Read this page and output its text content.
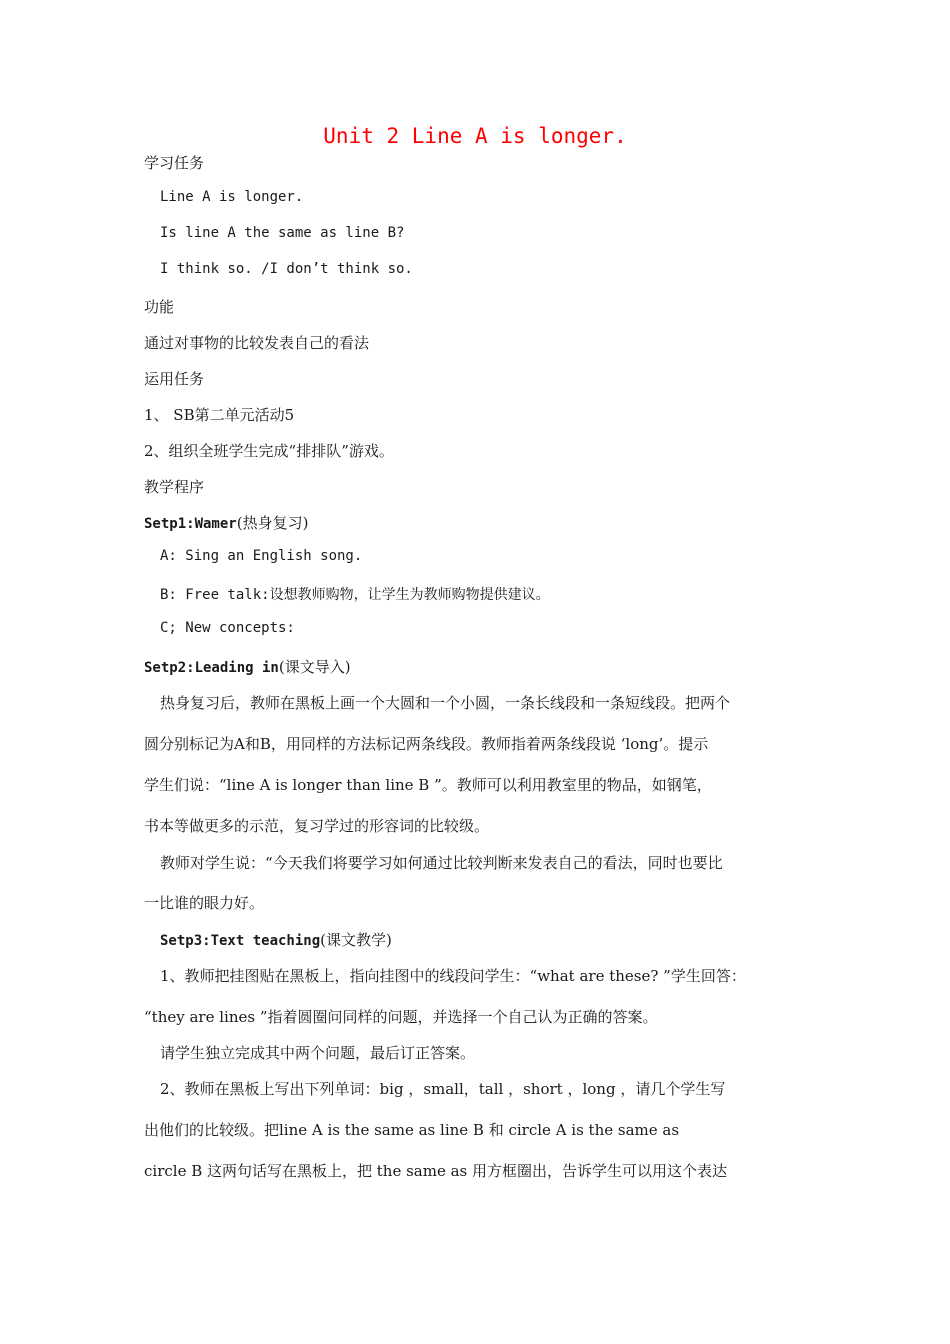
Unit 2 Line A is longer.
学习任务
Line A is longer.
Is line A the same as line B?
I think so. /I don’t think so.
功能
通过对事物的比较发表自己的看法
运用任务
1、 SB第二单元活动5
2、组织全班学生完成“排排队”游戏。
教学程序
Setp1:Wamer(热身复习)
A: Sing an English song.
B: Free talk:设想教师购物，让学生为教师购物提供建议。
C; New concepts:
Setp2:Leading in(课文导入)
热身复习后，教师在黑板上画一个大圆和一个小圆，一条长线段和一条短线段。把两个
圆分别标记为A和B，用同样的方法标记两条线段。教师指着两条线段说 ‘long’。提示
学生们说：“line A is longer than line B ”。教师可以利用教室里的物品，如钢笔，
书本等做更多的示范，复习学过的形容词的比较级。
教师对学生说：“今天我们将要学习如何通过比较判断来发表自己的看法，同时也要比
一比谁的眼力好。
Setp3:Text teaching(课文教学)
1、教师把挂图贴在黑板上，指向挂图中的线段问学生：“what are these? ”学生回答：
“they are lines ”指着圆圈问同样的问题，并选择一个自己认为正确的答案。
请学生独立完成其中两个问题，最后订正答案。
2、教师在黑板上写出下列单词：big ，small，tall ，short ，long ，请几个学生写
出他们的比较级。把line A is the same as line B 和 circle A is the same as
circle B 这两句话写在黑板上，把 the same as 用方框圈出，告诉学生可以用这个表达
